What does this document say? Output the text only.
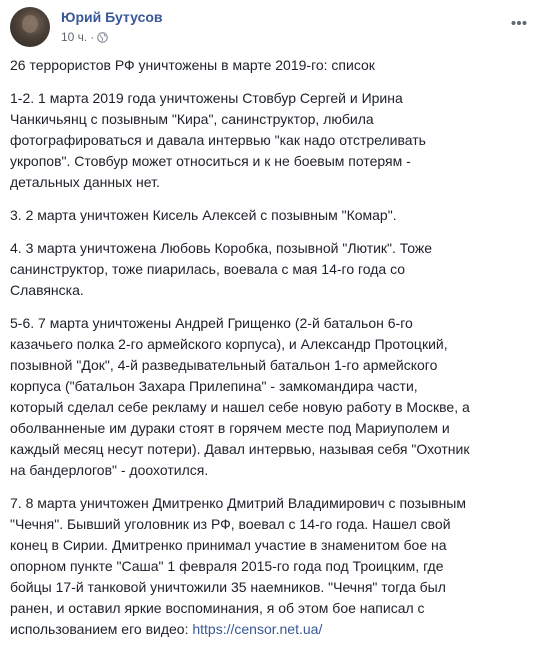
Юрий Бутусов
10 ч. ·

26 террористов РФ уничтожены в марте 2019-го: список

1-2. 1 марта 2019 года уничтожены Стовбур Сергей и Ирина
Чанкичьянц с позывным "Кира", санинструктор, любила
фотографироваться и давала интервью "как надо отстреливать
укропов". Стовбур может относиться и к не боевым потерям -
детальных данных нет.

3. 2 марта уничтожен Кисель Алексей с позывным "Комар".

4. 3 марта уничтожена Любовь Коробка, позывной "Лютик". Тоже
санинструктор, тоже пиарилась, воевала с мая 14-го года со
Славянска.

5-6. 7 марта уничтожены Андрей Грищенко (2-й батальон 6-го
казачьего полка 2-го армейского корпуса), и Александр Протоцкий,
позывной "Док", 4-й разведывательный батальон 1-го армейского
корпуса ("батальон Захара Прилепина" - замкомандира части,
который сделал себе рекламу и нашел себе новую работу в Москве, а
oболванненые им дураки стоят в горячем месте под Мариуполем и
каждый месяц несут потери). Давал интервью, называя себя "Охотник
на бандерлогов" - доохотился.

7. 8 марта уничтожен Дмитренко Дмитрий Владимирович с позывным
"Чечня". Бывший уголовник из РФ, воевал с 14-го года. Нашел свой
конец в Сирии. Дмитренко принимал участие в знаменитом бое на
опорном пункте "Саша" 1 февраля 2015-го года под Троицким, где
бойцы 17-й танковой уничтожили 35 наемников. "Чечня" тогда был
ранен, и оставил яркие воспоминания, я об этом бое написал с
использованием его видео: https://censor.net.ua/
